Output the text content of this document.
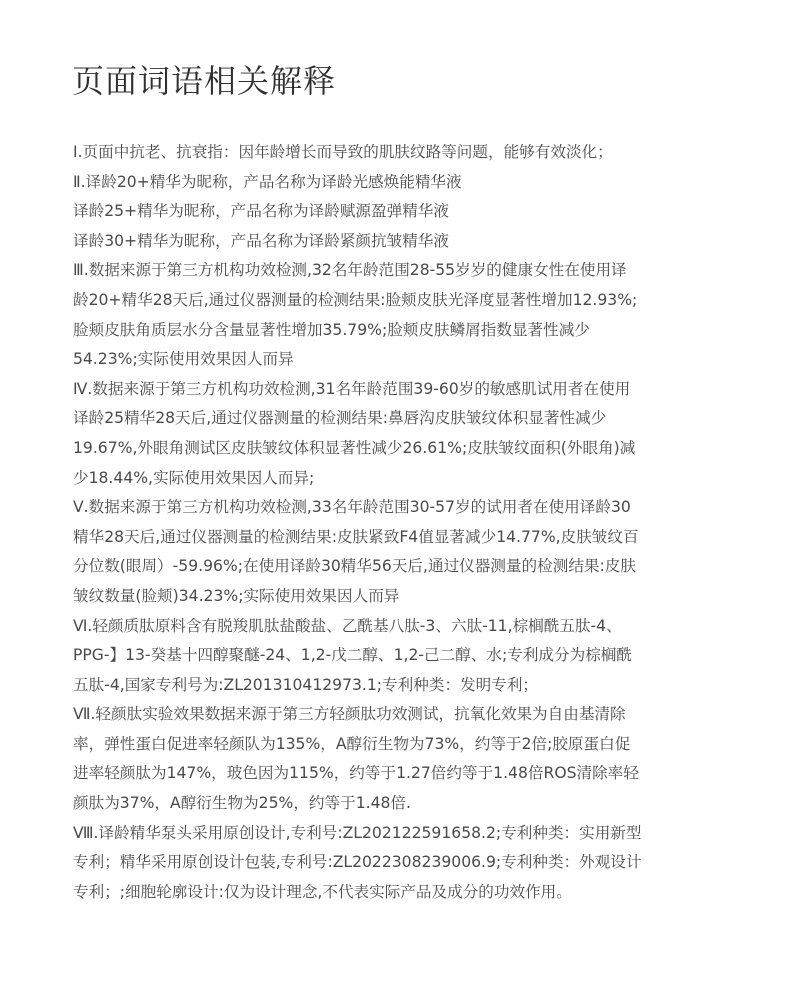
页面词语相关解释
Ⅰ.页面中抗老、抗衰指：因年龄增长而导致的肌肤纹路等问题，能够有效淡化；
Ⅱ.译龄20+精华为昵称，产品名称为译龄光感焕能精华液
译龄25+精华为昵称，产品名称为译龄赋源盈弹精华液
译龄30+精华为昵称，产品名称为译龄紧颜抗皱精华液
Ⅲ.数据来源于第三方机构功效检测,32名年龄范围28-55岁岁的健康女性在使用译
龄20+精华28天后,通过仪器测量的检测结果:脸颊皮肤光泽度显著性增加12.93%;
脸颊皮肤角质层水分含量显著性增加35.79%;脸颊皮肤鳞屑指数显著性减少
54.23%;实际使用效果因人而异
Ⅳ.数据来源于第三方机构功效检测,31名年龄范围39-60岁的敏感肌试用者在使用
译龄25精华28天后,通过仪器测量的检测结果:鼻唇沟皮肤皱纹体积显著性减少
19.67%,外眼角测试区皮肤皱纹体积显著性减少26.61%;皮肤皱纹面积(外眼角)减
少18.44%,实际使用效果因人而异;
Ⅴ.数据来源于第三方机构功效检测,33名年龄范围30-57岁的试用者在使用译龄30
精华28天后,通过仪器测量的检测结果:皮肤紧致F4值显著减少14.77%,皮肤皱纹百
分位数(眼周）-59.96%;在使用译龄30精华56天后,通过仪器测量的检测结果:皮肤
皱纹数量(脸颊)34.23%;实际使用效果因人而异
Ⅵ.轻颜质肽原料含有脱羧肌肽盐酸盐、乙酰基八肽-3、六肽-11,棕榈酰五肽-4、
PPG-】13-癸基十四醇聚醚-24、1,2-戊二醇、1,2-己二醇、水;专利成分为棕榈酰
五肽-4,国家专利号为:ZL201310412973.1;专利种类：发明专利；
Ⅶ.轻颜肽实验效果数据来源于第三方轻颜肽功效测试，抗氧化效果为自由基清除
率，弹性蛋白促进率轻颜队为135%，A醇衍生物为73%，约等于2倍;胶原蛋白促
进率轻颜肽为147%，玻色因为115%，约等于1.27倍约等于1.48倍ROS清除率轻
颜肽为37%，A醇衍生物为25%，约等于1.48倍.
Ⅷ.译龄精华泵头采用原创设计,专利号:ZL202122591658.2;专利种类：实用新型
专利；精华采用原创设计包装,专利号:ZL2022308239006.9;专利种类：外观设计
专利；;细胞轮廓设计:仅为设计理念,不代表实际产品及成分的功效作用。
